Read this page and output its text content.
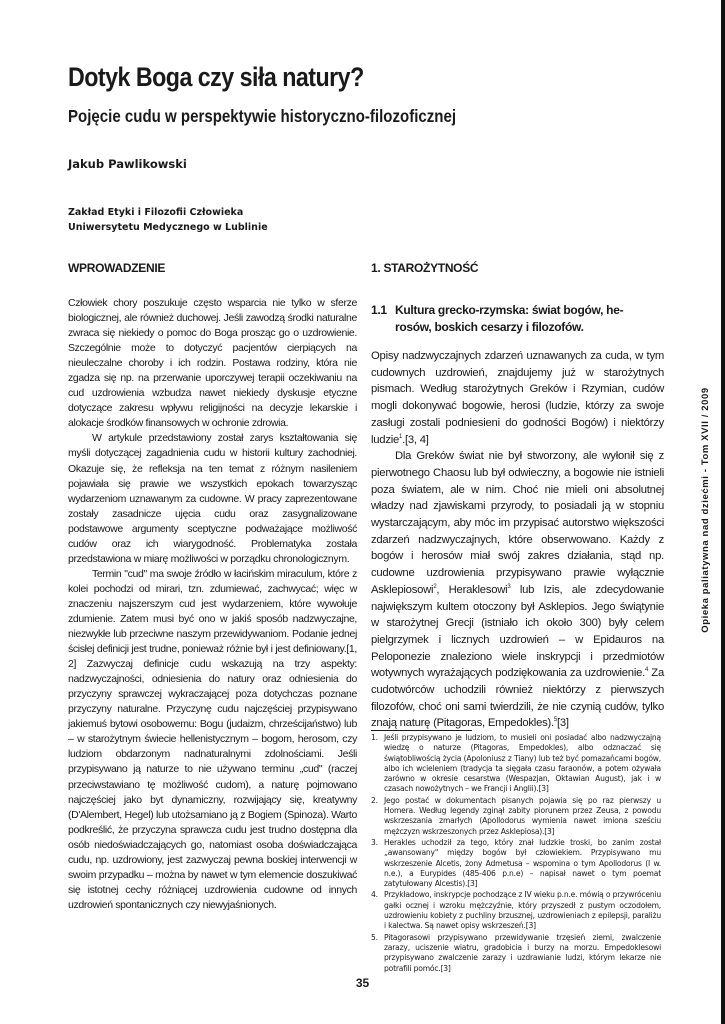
Opieka paliatywna nad dziećmi - Tom XVII / 2009
Dotyk Boga czy siła natury?
Pojęcie cudu w perspektywie historyczno-filozoficznej
Jakub Pawlikowski
Zakład Etyki i Filozofii Człowieka
Uniwersytetu Medycznego w Lublinie
WPROWADZENIE

Człowiek chory poszukuje często wsparcia nie tylko w sferze biologicznej, ale również duchowej. Jeśli zawodzą środki naturalne zwraca się niekiedy o pomoc do Boga prosząc go o uzdrowienie. Szczególnie może to dotyczyć pacjentów cierpiących na nieuleczalne choroby i ich rodzin. Postawa rodziny, która nie zgadza się np. na przerwanie uporczywej terapii oczekiwaniu na cud uzdrowienia wzbudza nawet niekiedy dyskusje etyczne dotyczące zakresu wpływu religijności na decyzje lekarskie i alokacje środków finansowych w ochronie zdrowia.

W artykule przedstawiony został zarys kształtowania się myśli dotyczącej zagadnienia cudu w historii kultury zachodniej. Okazuje się, że refleksja na ten temat z różnym nasileniem pojawiała się prawie we wszystkich epokach towarzysząc wydarzeniom uznawanym za cudowne. W pracy zaprezentowane zostały zasadnicze ujęcia cudu oraz zasygnalizowane podstawowe argumenty sceptyczne podważające możliwość cudów oraz ich wiarygodność. Problematyka została przedstawiona w miarę możliwości w porządku chronologicznym.

Termin "cud" ma swoje źródło w łacińskim miraculum, które z kolei pochodzi od mirari, tzn. zdumiewać, zachwycać; więc w znaczeniu najszerszym cud jest wydarzeniem, które wywołuje zdumienie. Zatem musi być ono w jakiś sposób nadzwyczajne, niezwykłe lub przeciwne naszym przewidywaniom. Podanie jednej ścisłej definicji jest trudne, ponieważ różnie był i jest definiowany.[1, 2] Zazwyczaj definicje cudu wskazują na trzy aspekty: nadzwyczajności, odniesienia do natury oraz odniesienia do przyczyny sprawczej wykraczającej poza dotychczas poznane przyczyny naturalne. Przyczynę cudu najczęściej przypisywano jakiemuś bytowi osobowemu: Bogu (judaizm, chrześcijaństwo) lub – w starożytnym świecie hellenistycznym – bogom, herosom, czy ludziom obdarzonym nadnaturalnymi zdolnościami. Jeśli przypisywano ją naturze to nie używano terminu „cud" (raczej przeciwstawiano tę możliwość cudom), a naturę pojmowano najczęściej jako byt dynamiczny, rozwijający się, kreatywny (D'Alembert, Hegel) lub utożsamiano ją z Bogiem (Spinoza). Warto podkreślić, że przyczyna sprawcza cudu jest trudno dostępna dla osób niedoświadczających go, natomiast osoba doświadczająca cudu, np. uzdrowiony, jest zazwyczaj pewna boskiej interwencji w swoim przypadku – można by nawet w tym elemencie doszukiwać się istotnej cechy różniącej uzdrowienia cudowne od innych uzdrowień spontanicznych czy niewyjaśnionych.

1. STAROŻYTNOŚĆ
1.1 Kultura grecko-rzymska: świat bogów, he-
rosów, boskich cesarzy i filozofów.

Opisy nadzwyczajnych zdarzeń uznawanych za cuda, w tym cudownych uzdrowień, znajdujemy już w starożytnych pismach. Według starożytnych Greków i Rzymian, cudów mogli dokonywać bogowie, herosi (ludzie, którzy za swoje zasługi zostali podniesieni do godności Bogów) i niektórzy ludzie$^1$.[3, 4]

Dla Greków świat nie był stworzony, ale wyłonił się z pierwotnego Chaosu lub był odwieczny, a bogowie nie istnieli poza światem, ale w nim. Choć nie mieli oni absolutnej władzy nad zjawiskami przyrody, to posiadali ją w stopniu wystarczającym, aby móc im przypisać autorstwo większości zdarzeń nadzwyczajnych, które obserwowano. Każdy z bogów i herosów miał swój zakres działania, stąd np. cudowne uzdrowienia przypisywano prawie wyłącznie Asklepiosowi$^2$, Heraklesowi$^3$ lub Izis, ale zdecydowanie największym kultem otoczony był Asklepios. Jego świątynie w starożytnej Grecji (istniało ich około 300) były celem pielgrzymek i licznych uzdrowień – w Epidauros na Peloponezie znaleziono wiele inskrypcji i przedmiotów wotywnych wyrażających podziękowania za uzdrowienie.$^4$ Za cudotwórców uchodzili również niektórzy z pierwszych filozofów, choć oni sami twierdzili, że nie czynią cudów, tylko znają naturę (Pitagoras, Empedokles).$^5$[3]

1. Jeśli przypisywano je ludziom, to musieli oni posiadać albo nadzwyczajną wiedzę o naturze (Pitagoras, Empedokles), albo odznaczać się świątobliwością życia (Apoloniusz z Tiany) lub też być pomazańcami bogów, albo ich wcieleniem (tradycja ta sięgała czasu faraonów, a potem ożywała zarówno w okresie cesarstwa (Wespazjan, Oktawian August), jak i w czasach nowożytnych – we Francji i Anglii).[3]
2. Jego postać w dokumentach pisanych pojawia się po raz pierwszy u Homera. Według legendy zginął zabity piorunem przez Zeusa, z powodu wskrzeszania zmarłych (Apollodorus wymienia nawet imiona sześciu mężczyzn wskrzeszonych przez Asklepiosa).[3]
3. Herakles uchodził za tego, który znał ludzkie troski, bo zanim został „awansowany" między bogów był człowiekiem. Przypisywano mu wskrzeszenie Alcetis, żony Admetusa – wspomina o tym Apollodorus (I w. n.e.), a Eurypides (485-406 p.n.e) – napisał nawet o tym poemat zatytułowany Alcestis).[3]
4. Przykładowo, inskrypcje pochodzące z IV wieku p.n.e. mówią o przywróceniu gałki ocznej i wzroku mężczyźnie, który przyszedł z pustym oczodołem, uzdrowieniu kobiety z puchliny brzusznej, uzdrowieniach z epilepsji, paraliżu i kalectwa. Są nawet opisy wskrzeszeń.[3]
5. Pitagorasowi przypisywano przewidywanie trzęsień ziemi, zwalczenie zarazy, uciszenie wiatru, gradobicia i burzy na morzu. Empedoklesowi przypisywano zwalczenie zarazy i uzdrawianie ludzi, którym lekarze nie potrafili pomóc.[3]
35
